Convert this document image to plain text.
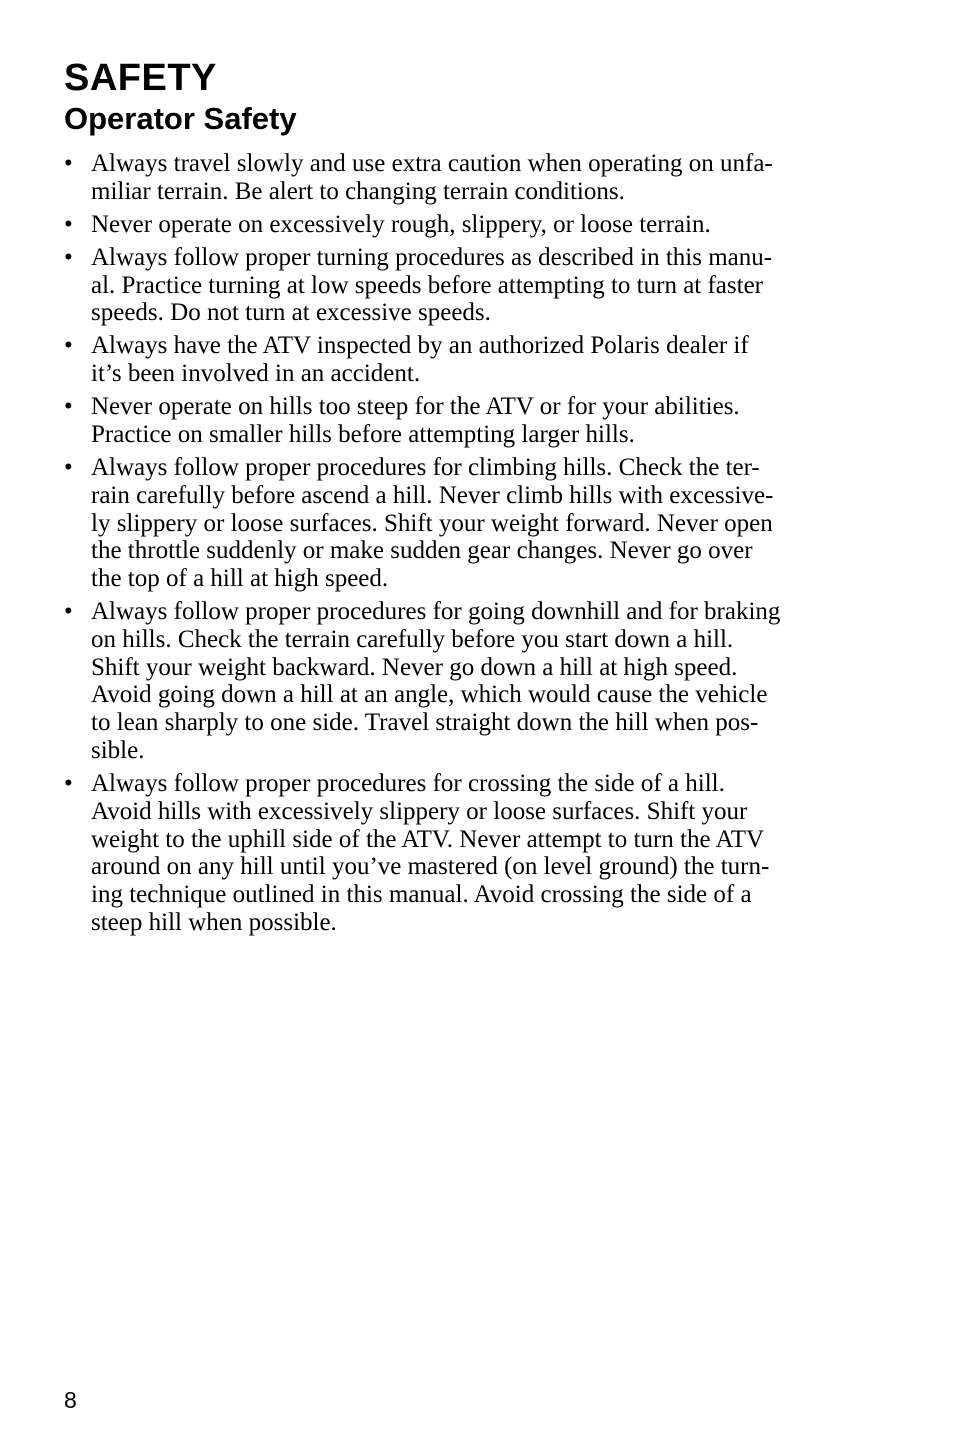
SAFETY
Operator Safety
• Always travel slowly and use extra caution when operating on unfa-
miliar terrain. Be alert to changing terrain conditions.
• Never operate on excessively rough, slippery, or loose terrain.
• Always follow proper turning procedures as described in this manu-
al. Practice turning at low speeds before attempting to turn at faster
speeds. Do not turn at excessive speeds.
• Always have the ATV inspected by an authorized Polaris dealer if
it’s been involved in an accident.
• Never operate on hills too steep for the ATV or for your abilities.
Practice on smaller hills before attempting larger hills.
• Always follow proper procedures for climbing hills. Check the ter-
rain carefully before ascend a hill. Never climb hills with excessive-
ly slippery or loose surfaces. Shift your weight forward. Never open
the throttle suddenly or make sudden gear changes. Never go over
the top of a hill at high speed.
• Always follow proper procedures for going downhill and for braking
on hills. Check the terrain carefully before you start down a hill.
Shift your weight backward. Never go down a hill at high speed.
Avoid going down a hill at an angle, which would cause the vehicle
to lean sharply to one side. Travel straight down the hill when pos-
sible.
• Always follow proper procedures for crossing the side of a hill.
Avoid hills with excessively slippery or loose surfaces. Shift your
weight to the uphill side of the ATV. Never attempt to turn the ATV
around on any hill until you’ve mastered (on level ground) the turn-
ing technique outlined in this manual. Avoid crossing the side of a
steep hill when possible.
8
